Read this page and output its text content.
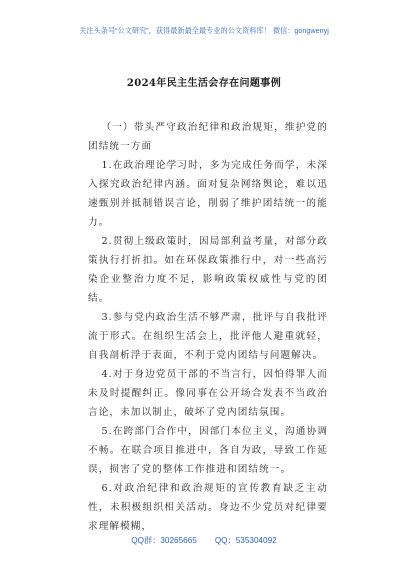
关注头条号“公文研究”，获得最新最全最专业的公文资料库！ 微信：gongwenyj
2024年民主生活会存在问题事例

（一）带头严守政治纪律和政治规矩，维护党的团结统一方面

1.在政治理论学习时，多为完成任务而学，未深入探究政治纪律内涵。面对复杂网络舆论，难以迅速甄别并抵制错误言论，削弱了维护团结统一的能力。

2.贯彻上级政策时，因局部利益考量，对部分政策执行打折扣。如在环保政策推行中，对一些高污染企业整治力度不足，影响政策权威性与党的团结。

3.参与党内政治生活不够严肃，批评与自我批评流于形式。在组织生活会上，批评他人避重就轻，自我剖析浮于表面，不利于党内团结与问题解决。

4.对于身边党员干部的不当言行，因怕得罪人而未及时提醒纠正。像同事在公开场合发表不当政治言论，未加以制止，破坏了党内团结氛围。

5.在跨部门合作中，因部门本位主义，沟通协调不畅。在联合项目推进中，各自为政，导致工作延误，损害了党的整体工作推进和团结统一。

6.对政治纪律和政治规矩的宣传教育缺乏主动性，未积极组织相关活动。身边不少党员对纪律要求理解模糊，

QQ群：30265665 QQ：535304092
